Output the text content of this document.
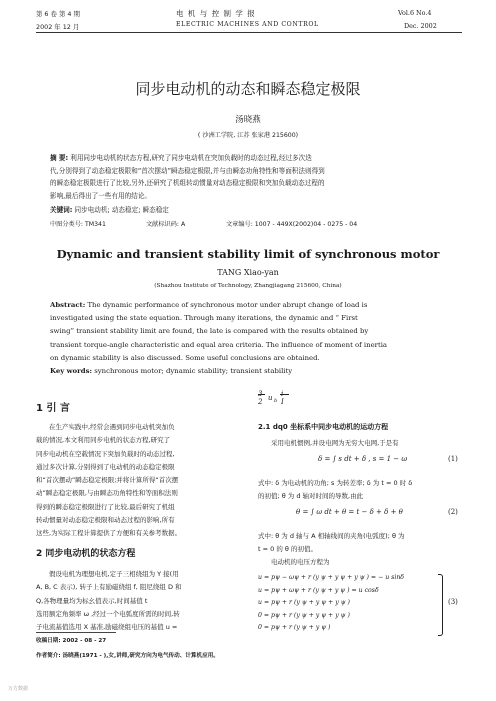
第 6 卷 第 4 期
2002 年 12 月
电 机 与 控 制 学 报
ELECTRIC MACHINES AND CONTROL
Vol.6 No.4
Dec. 2002
同步电动机的动态和瞬态稳定极限
汤晓燕
( 沙洲工学院, 江苏 张家港 215600)
摘 要: 利用同步电动机的状态方程,研究了同步电动机在突加负载时的动态过程,经过多次迭
代,分别得到了动态稳定极限和“首次摆动”瞬态稳定极限,并与由瞬态功角特性和等面积法则得到
的瞬态稳定极限进行了比较,另外,还研究了机组转动惯量对动态稳定极限和突加负载动态过程的
影响,最后得出了一些有用的结论。
关键词: 同步电动机; 动态稳定; 瞬态稳定
中图分类号: TM341	文献标识码: A	文章编号: 1007 - 449X(2002)04 - 0275 - 04
Dynamic and transient stability limit of synchronous motor
TANG Xiao-yan
(Shazhou Institute of Technology, Zhangjiagang 215600, China)
Abstract: The dynamic performance of synchronous motor under abrupt change of load is
investigated using the state equation. Through many iterations, the dynamic and “ First
swing” transient stability limit are found, the late is compared with the results obtained by
transient torque-angle characteristic and equal area criteria. The influence of moment of inertia
on dynamic stability is also discussed. Some useful conclusions are obtained.
Key words: synchronous motor; dynamic stability; transient stability
1 引 言
在生产实践中,经常会遇到同步电动机突加负
载的情况,本文利用同步电机的状态方程,研究了
同步电动机在空载情况下突加负载时的动态过程,
通过多次计算,分别得到了电动机的动态稳定极限
和“首次摆动”瞬态稳定极限;并将计算所得“首次摆
动”瞬态稳定极限,与由瞬态功角特性和等面积法则
得到的瞬态稳定极限进行了比较,最后研究了机组
转动惯量对动态稳定极限和动态过程的影响,所有
这些,为实际工程计算提供了方便和有关参考数据。
2 同步电动机的状态方程
假设电机为理想电机,定子三相绕组为 Y 接(用
A, B, C 表示), 转子上有励磁绕组 f, 阻尼绕组 D 和
Q,各物理量均为标幺值表示,时间基值 t
选用额定角频率 ω ,经过一个电弧度所需的时间,转
子电流基值选用 X 基准,励磁绕组电压的基值 u =
收稿日期: 2002 - 08 - 27
作者简介: 汤晓燕(1971 - ),女,讲师,研究方向为电气传动、计算机应用。
3
2 u b
i
I
2.1 dq0 坐标系中同步电动机的运动方程
采用电机惯例,并设电网为无穷大电网,于是有
δ = ∫ s dt + δ , s = 1 − ω	(1)
式中: δ 为电动机的功角; s 为转差率; δ 为 t = 0 时 δ
的初值; θ 为 d 轴对时间的导数,由此
θ = ∫ ω dt + θ = t − δ + δ + θ	(2)
式中: θ 为 d 轴与 A 相轴线间的夹角(电弧度); θ 为
t = 0 的 θ 的初值。
电动机的电压方程为
u = pψ − ωψ + r (y ψ + y ψ + y ψ ) = − u sinδ
u = pψ + ωψ + r (y ψ + y ψ ) = u cosδ
u = pψ + r (y ψ + y ψ + y ψ )
0 = pψ + r (y ψ + y ψ + y ψ )
0 = pψ + r (y ψ + y ψ )
(3)
万方数据
